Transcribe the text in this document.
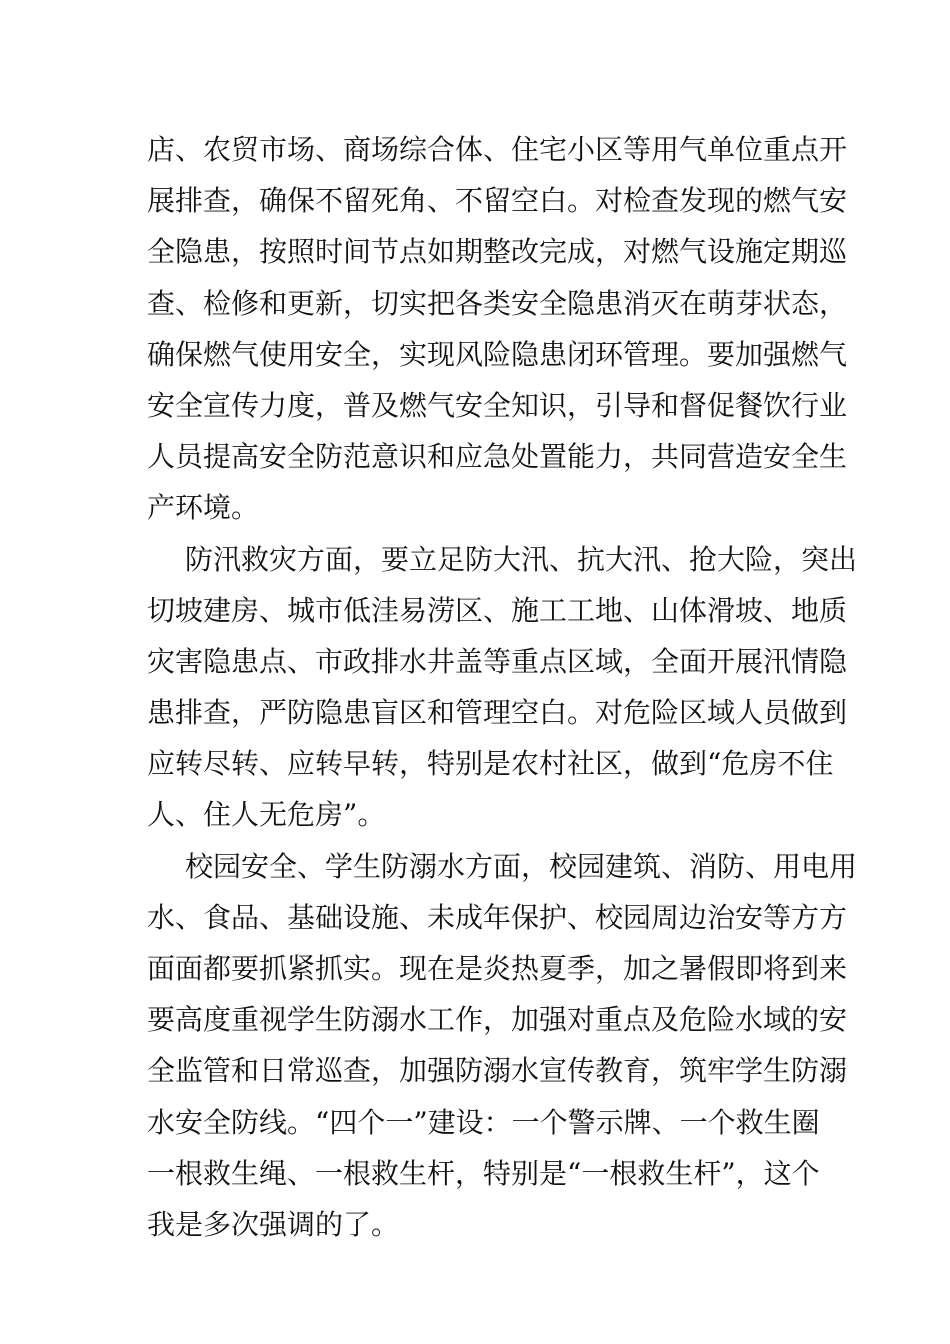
店、农贸市场、商场综合体、住宅小区等用气单位重点开
展排查，确保不留死角、不留空白。对检查发现的燃气安
全隐患，按照时间节点如期整改完成，对燃气设施定期巡
查、检修和更新，切实把各类安全隐患消灭在萌芽状态，
确保燃气使用安全，实现风险隐患闭环管理。要加强燃气
安全宣传力度，普及燃气安全知识，引导和督促餐饮行业
人员提高安全防范意识和应急处置能力，共同营造安全生
产环境。
防汛救灾方面，要立足防大汛、抗大汛、抢大险，突出
切坡建房、城市低洼易涝区、施工工地、山体滑坡、地质
灾害隐患点、市政排水井盖等重点区域，全面开展汛情隐
患排查，严防隐患盲区和管理空白。对危险区域人员做到
应转尽转、应转早转，特别是农村社区，做到“危房不住
人、住人无危房”。
校园安全、学生防溺水方面，校园建筑、消防、用电用
水、食品、基础设施、未成年保护、校园周边治安等方方
面面都要抓紧抓实。现在是炎热夏季，加之暑假即将到来
要高度重视学生防溺水工作，加强对重点及危险水域的安
全监管和日常巡查，加强防溺水宣传教育，筑牢学生防溺
水安全防线。“四个一”建设：一个警示牌、一个救生圈
一根救生绳、一根救生杆，特别是“一根救生杆”，这个
我是多次强调的了。
